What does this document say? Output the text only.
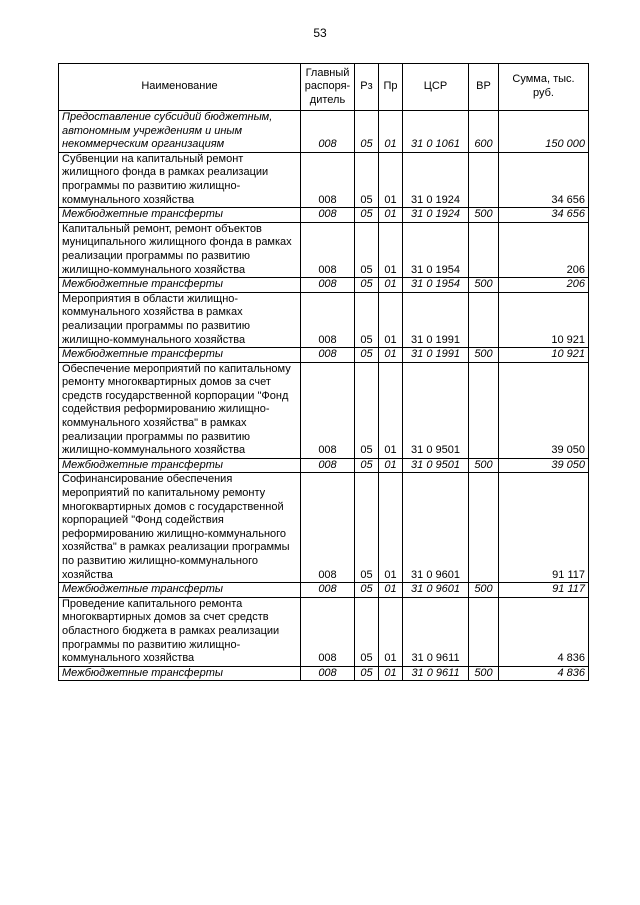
53
Наименование	Главный распоря-дитель	Рз	Пр	ЦСР	ВР	Сумма, тыс. руб.
Предоставление субсидий бюджетным, автономным учреждениям и иным некоммерческим организациям	008	05	01	31 0 1061	600	150 000
Субвенции на капитальный ремонт жилищного фонда в рамках реализации программы по развитию жилищно-коммунального хозяйства	008	05	01	31 0 1924		34 656
Межбюджетные трансферты	008	05	01	31 0 1924	500	34 656
Капитальный ремонт, ремонт объектов муниципального жилищного фонда в рамках реализации программы по развитию жилищно-коммунального хозяйства	008	05	01	31 0 1954		206
Межбюджетные трансферты	008	05	01	31 0 1954	500	206
Мероприятия в области жилищно-коммунального хозяйства в рамках реализации программы по развитию жилищно-коммунального хозяйства	008	05	01	31 0 1991		10 921
Межбюджетные трансферты	008	05	01	31 0 1991	500	10 921
Обеспечение мероприятий по капитальному ремонту многоквартирных домов за счет средств государственной корпорации "Фонд содействия реформированию жилищно-коммунального хозяйства" в рамках реализации программы по развитию жилищно-коммунального хозяйства	008	05	01	31 0 9501		39 050
Межбюджетные трансферты	008	05	01	31 0 9501	500	39 050
Софинансирование обеспечения мероприятий по капитальному ремонту многоквартирных домов с государственной корпорацией "Фонд содействия реформированию жилищно-коммунального хозяйства" в рамках реализации программы по развитию жилищно-коммунального хозяйства	008	05	01	31 0 9601		91 117
Межбюджетные трансферты	008	05	01	31 0 9601	500	91 117
Проведение капитального ремонта многоквартирных домов за счет средств областного бюджета в рамках реализации программы по развитию жилищно-коммунального хозяйства	008	05	01	31 0 9611		4 836
Межбюджетные трансферты	008	05	01	31 0 9611	500	4 836
